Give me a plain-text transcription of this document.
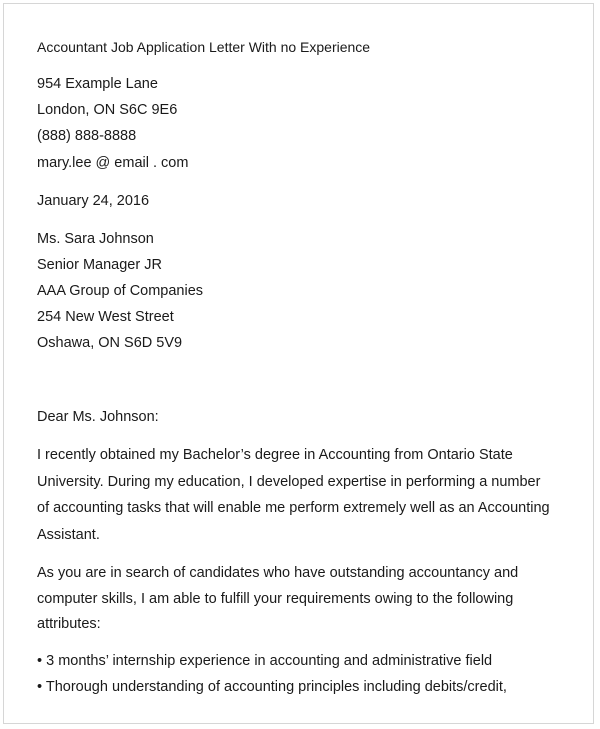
Accountant Job Application Letter With no Experience
954 Example Lane
London, ON S6C 9E6
(888) 888-8888
mary.lee @ email . com
January 24, 2016
Ms. Sara Johnson
Senior Manager JR
AAA Group of Companies
254 New West Street
Oshawa, ON S6D 5V9
Dear Ms. Johnson:
I recently obtained my Bachelor’s degree in Accounting from Ontario State
University. During my education, I developed expertise in performing a number
of accounting tasks that will enable me perform extremely well as an Accounting
Assistant.
As you are in search of candidates who have outstanding accountancy and
computer skills, I am able to fulfill your requirements owing to the following
attributes:
• 3 months’ internship experience in accounting and administrative field
• Thorough understanding of accounting principles including debits/credit,
